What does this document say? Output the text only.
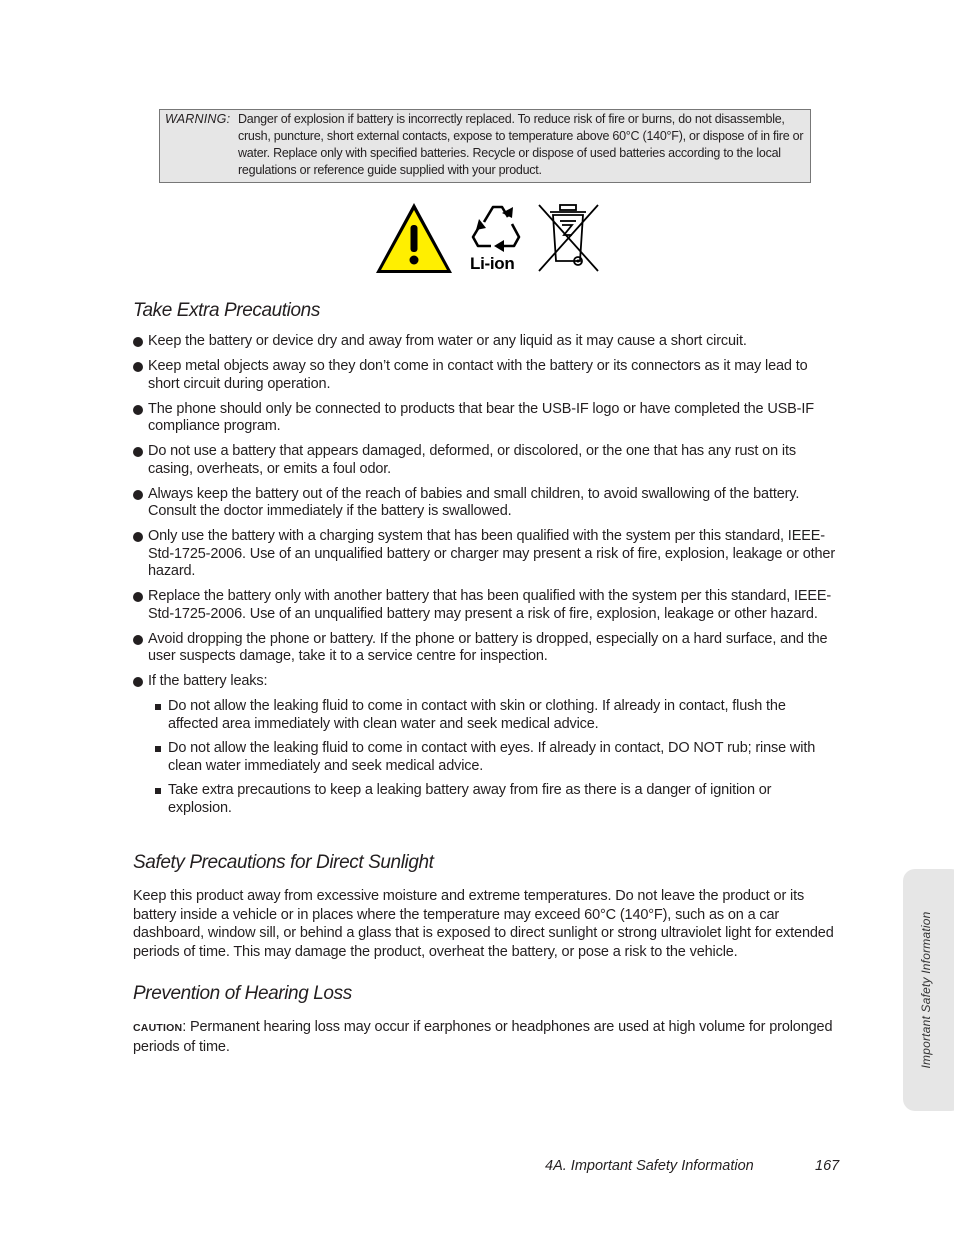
WARNING: Danger of explosion if battery is incorrectly replaced. To reduce risk of fire or burns, do not disassemble, crush, puncture, short external contacts, expose to temperature above 60°C (140°F), or dispose of in fire or water. Replace only with specified batteries. Recycle or dispose of used batteries according to the local regulations or reference guide supplied with your product.
Li-ion
Take Extra Precautions
Keep the battery or device dry and away from water or any liquid as it may cause a short circuit.
Keep metal objects away so they don’t come in contact with the battery or its connectors as it may lead to short circuit during operation.
The phone should only be connected to products that bear the USB-IF logo or have completed the USB-IF compliance program.
Do not use a battery that appears damaged, deformed, or discolored, or the one that has any rust on its casing, overheats, or emits a foul odor.
Always keep the battery out of the reach of babies and small children, to avoid swallowing of the battery. Consult the doctor immediately if the battery is swallowed.
Only use the battery with a charging system that has been qualified with the system per this standard, IEEE-Std-1725-2006. Use of an unqualified battery or charger may present a risk of fire, explosion, leakage or other hazard.
Replace the battery only with another battery that has been qualified with the system per this standard, IEEE-Std-1725-2006. Use of an unqualified battery may present a risk of fire, explosion, leakage or other hazard.
Avoid dropping the phone or battery. If the phone or battery is dropped, especially on a hard surface, and the user suspects damage, take it to a service centre for inspection.
If the battery leaks:
Do not allow the leaking fluid to come in contact with skin or clothing. If already in contact, flush the affected area immediately with clean water and seek medical advice.
Do not allow the leaking fluid to come in contact with eyes. If already in contact, DO NOT rub; rinse with clean water immediately and seek medical advice.
Take extra precautions to keep a leaking battery away from fire as there is a danger of ignition or explosion.
Safety Precautions for Direct Sunlight
Keep this product away from excessive moisture and extreme temperatures. Do not leave the product or its battery inside a vehicle or in places where the temperature may exceed 60°C (140°F), such as on a car dashboard, window sill, or behind a glass that is exposed to direct sunlight or strong ultraviolet light for extended periods of time. This may damage the product, overheat the battery, or pose a risk to the vehicle.
Prevention of Hearing Loss
CAUTION: Permanent hearing loss may occur if earphones or headphones are used at high volume for prolonged periods of time.	Important Safety Information
4A. Important Safety Information	167
